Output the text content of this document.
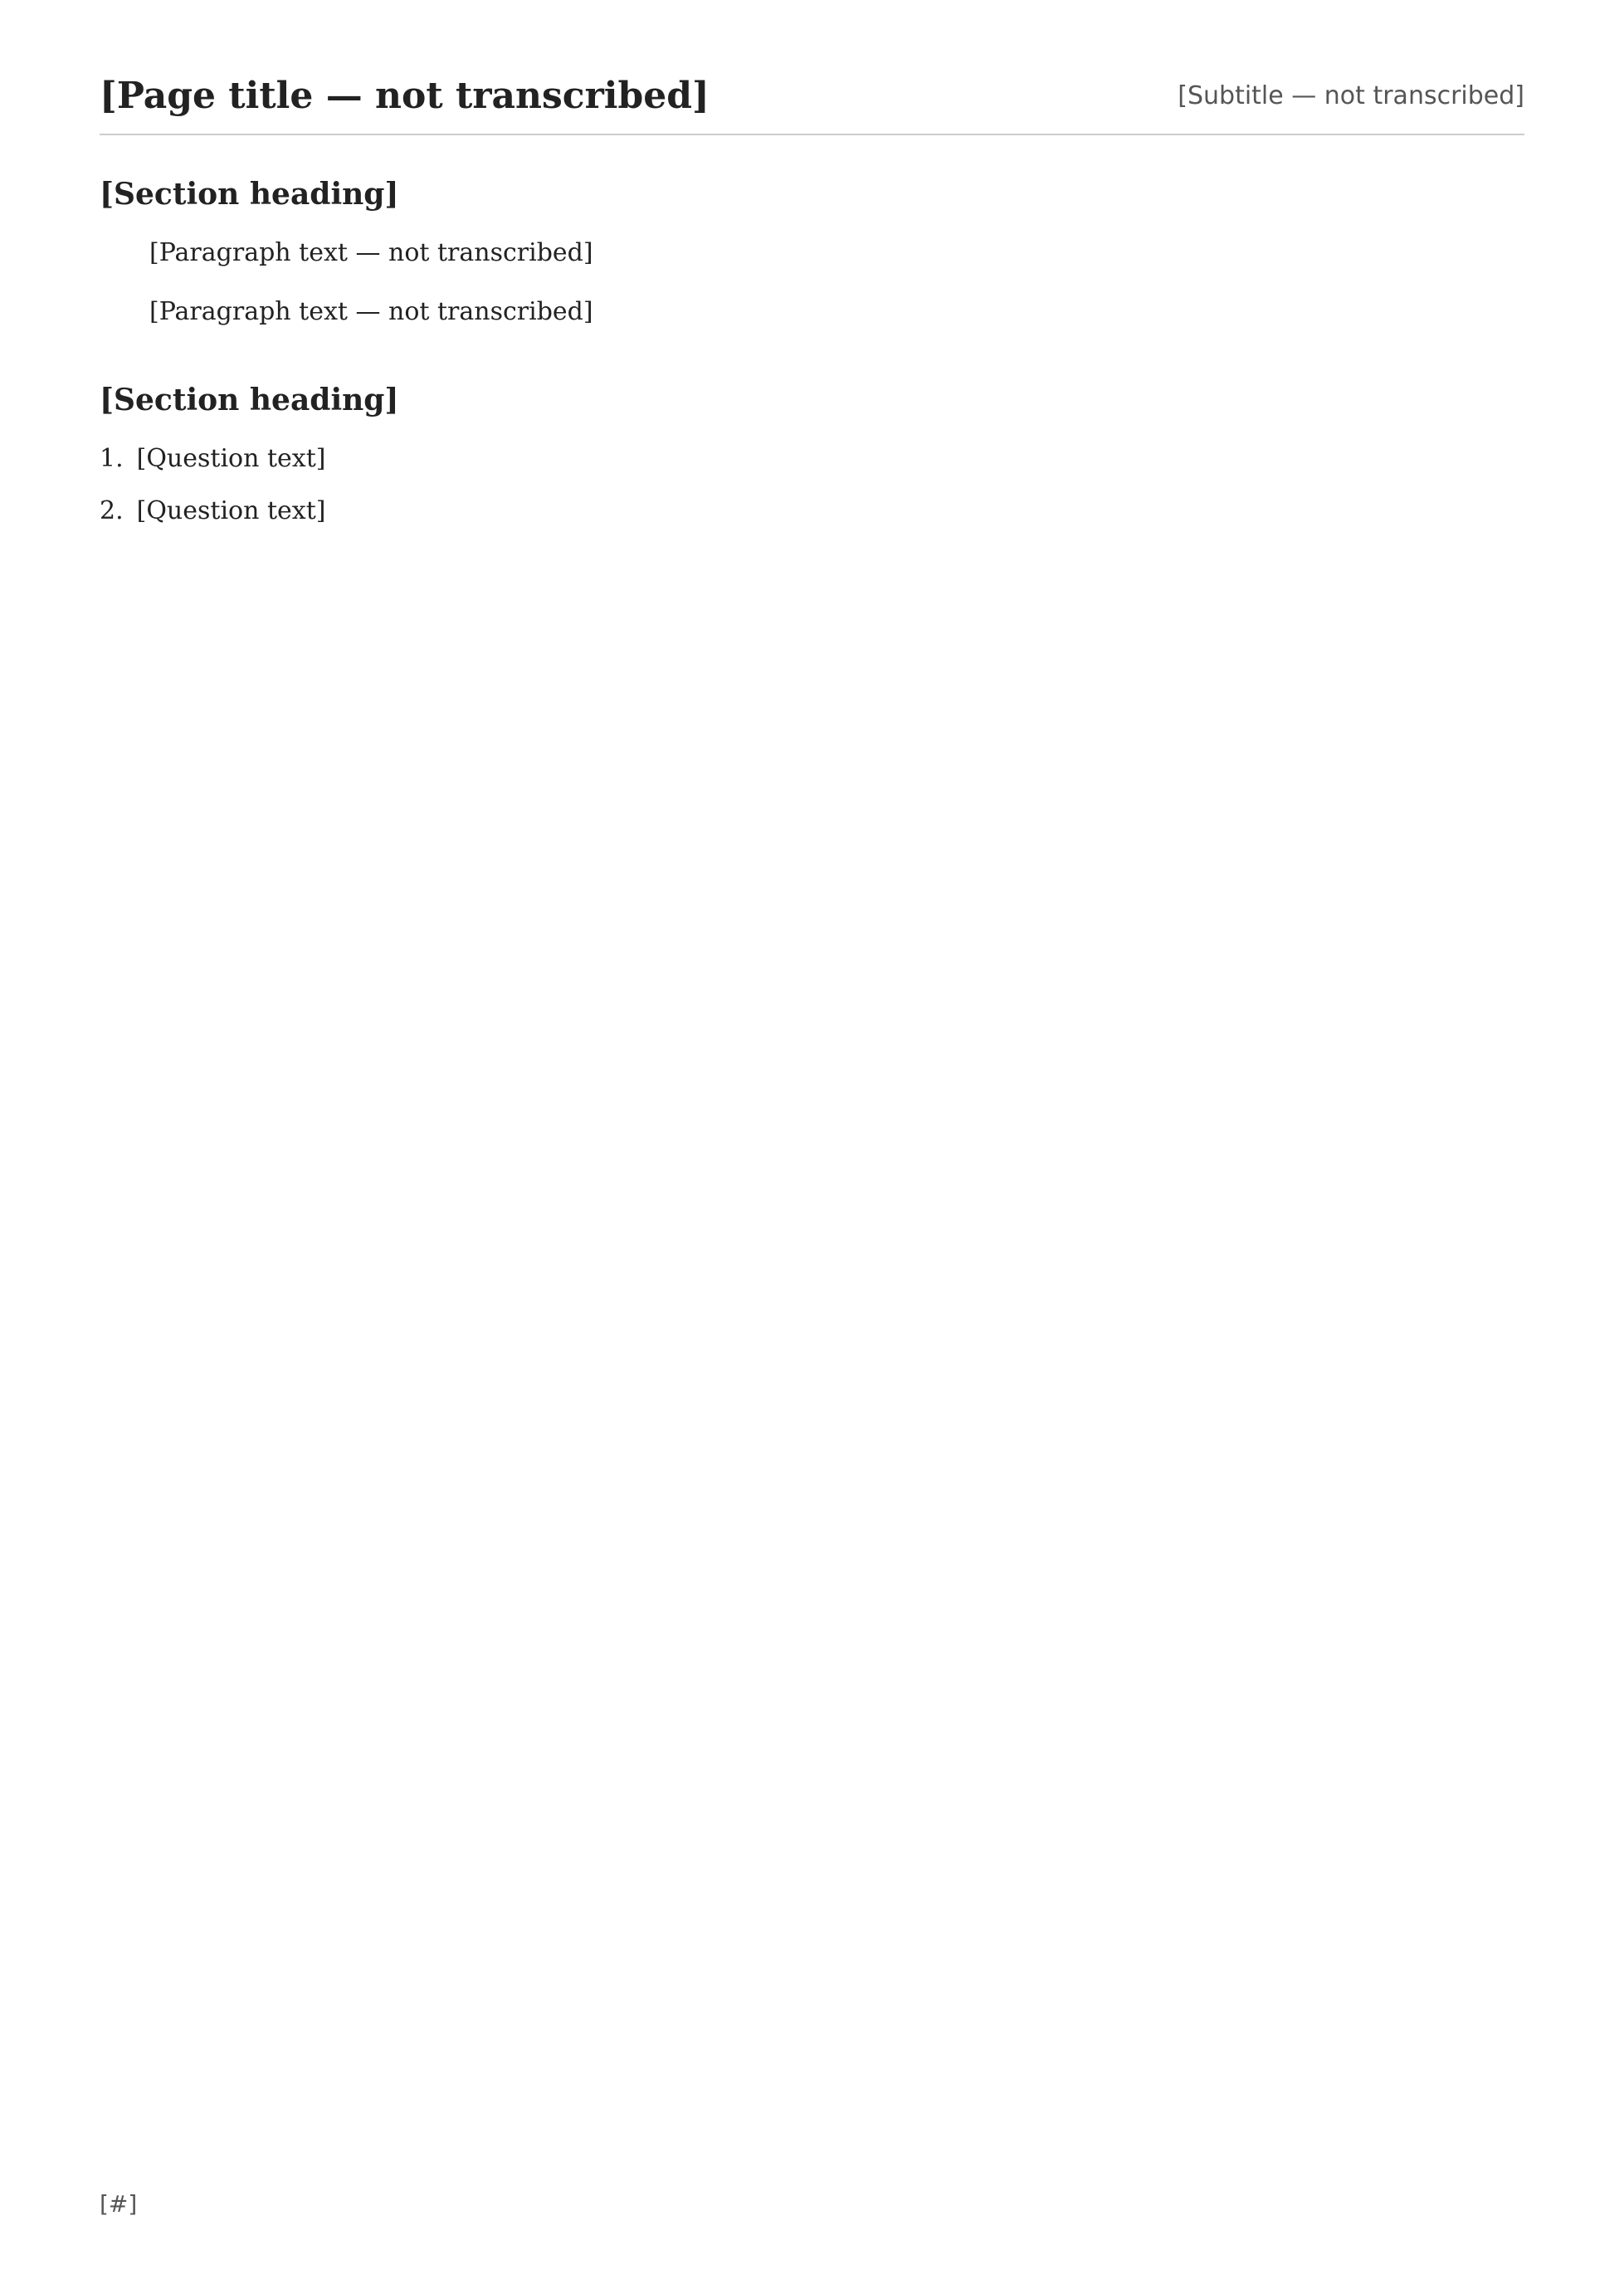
[Page title — not transcribed]	[Subtitle — not transcribed]
[Section heading]

[Paragraph text — not transcribed]

[Paragraph text — not transcribed]

[Section heading]
1. [Question text]
2. [Question text]
[#]
